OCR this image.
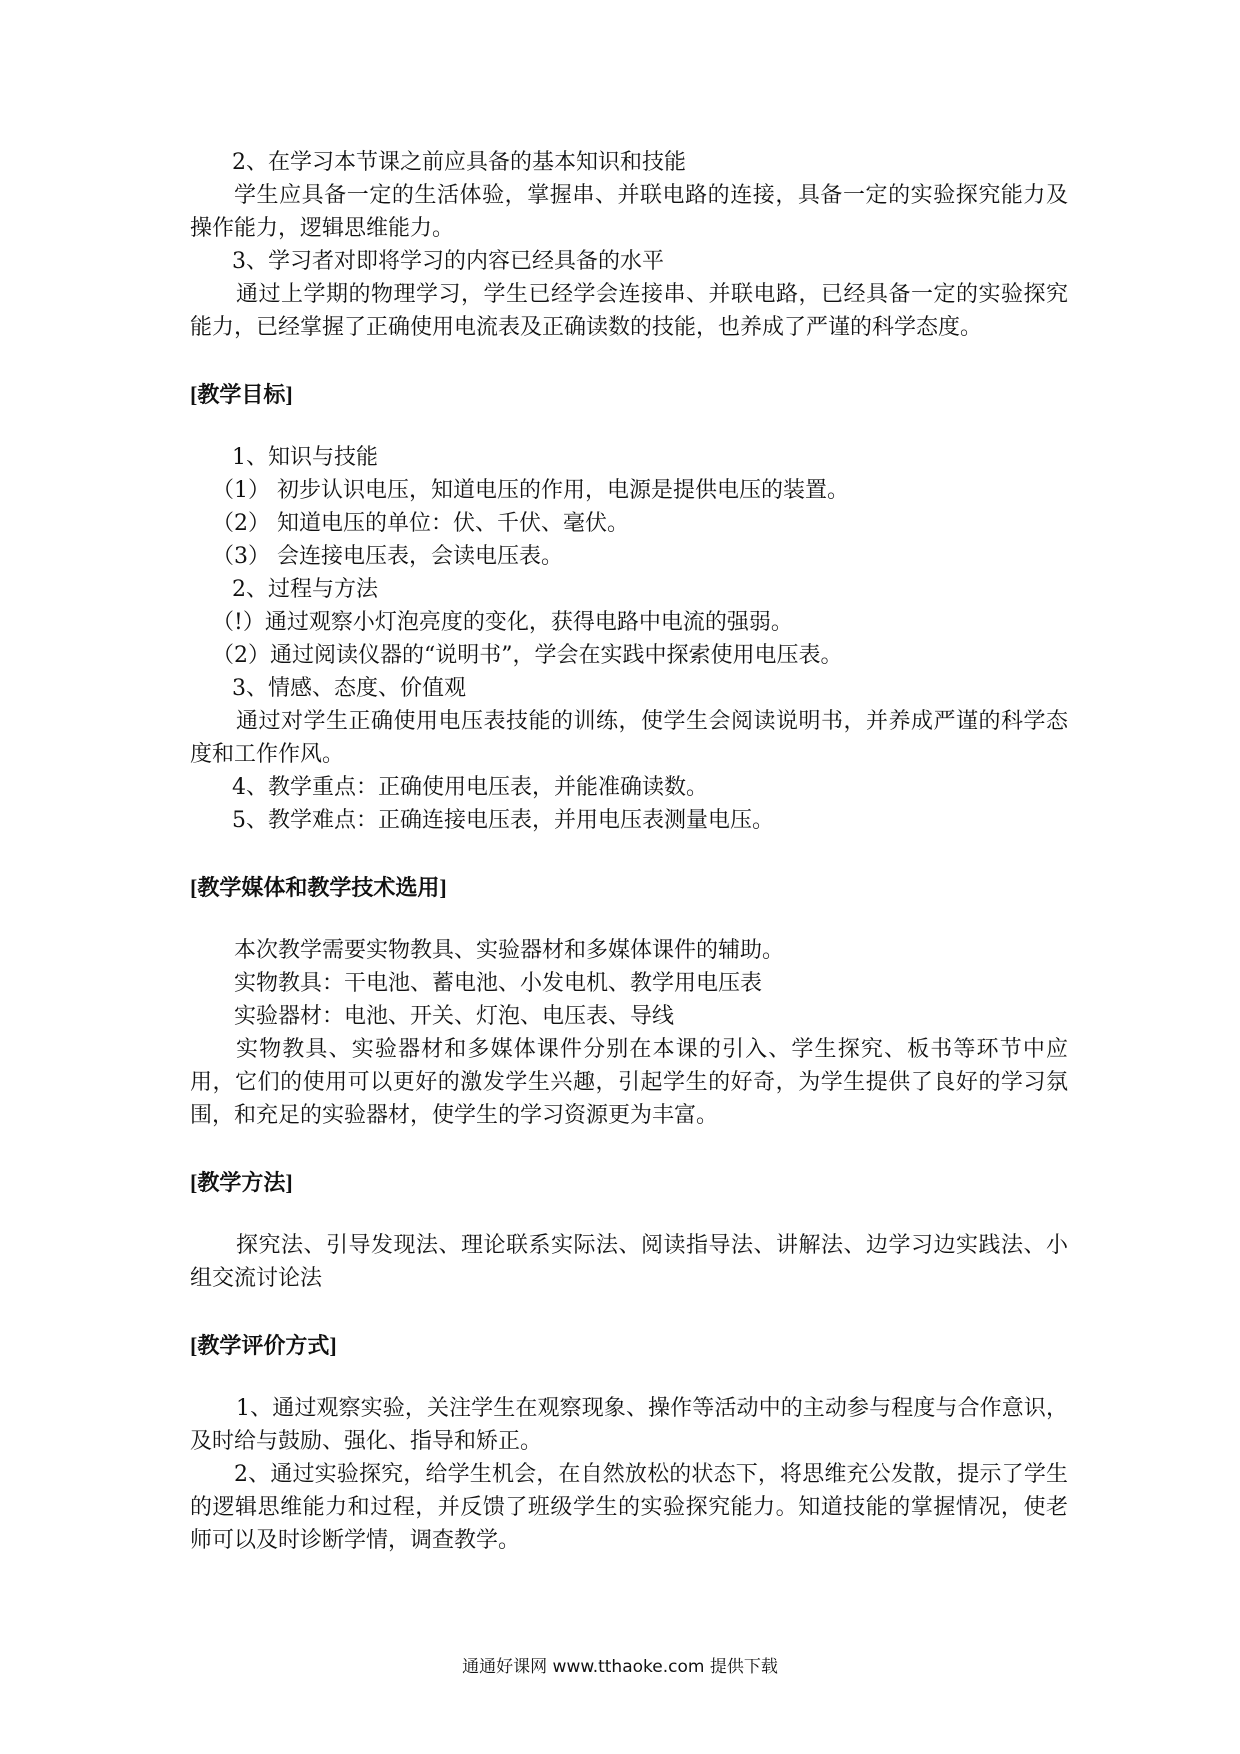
2、在学习本节课之前应具备的基本知识和技能

学生应具备一定的生活体验，掌握串、并联电路的连接，具备一定的实验探究能力及操作能力，逻辑思维能力。

3、学习者对即将学习的内容已经具备的水平

通过上学期的物理学习，学生已经学会连接串、并联电路，已经具备一定的实验探究能力，已经掌握了正确使用电流表及正确读数的技能，也养成了严谨的科学态度。

[教学目标]

1、知识与技能

（1） 初步认识电压，知道电压的作用，电源是提供电压的装置。

（2） 知道电压的单位：伏、千伏、毫伏。

（3） 会连接电压表，会读电压表。

2、过程与方法

（!）通过观察小灯泡亮度的变化，获得电路中电流的强弱。

（2）通过阅读仪器的“说明书”，学会在实践中探索使用电压表。

3、情感、态度、价值观

通过对学生正确使用电压表技能的训练，使学生会阅读说明书，并养成严谨的科学态度和工作作风。

4、教学重点：正确使用电压表，并能准确读数。

5、教学难点：正确连接电压表，并用电压表测量电压。

[教学媒体和教学技术选用]

本次教学需要实物教具、实验器材和多媒体课件的辅助。

实物教具：干电池、蓄电池、小发电机、教学用电压表

实验器材：电池、开关、灯泡、电压表、导线

实物教具、实验器材和多媒体课件分别在本课的引入、学生探究、板书等环节中应用，它们的使用可以更好的激发学生兴趣，引起学生的好奇，为学生提供了良好的学习氛围，和充足的实验器材，使学生的学习资源更为丰富。

[教学方法]

探究法、引导发现法、理论联系实际法、阅读指导法、讲解法、边学习边实践法、小组交流讨论法

[教学评价方式]

1、通过观察实验，关注学生在观察现象、操作等活动中的主动参与程度与合作意识，及时给与鼓励、强化、指导和矫正。

2、通过实验探究，给学生机会，在自然放松的状态下，将思维充公发散，提示了学生的逻辑思维能力和过程，并反馈了班级学生的实验探究能力。知道技能的掌握情况，使老师可以及时诊断学情，调查教学。

通通好课网 www.tthaoke.com 提供下载
